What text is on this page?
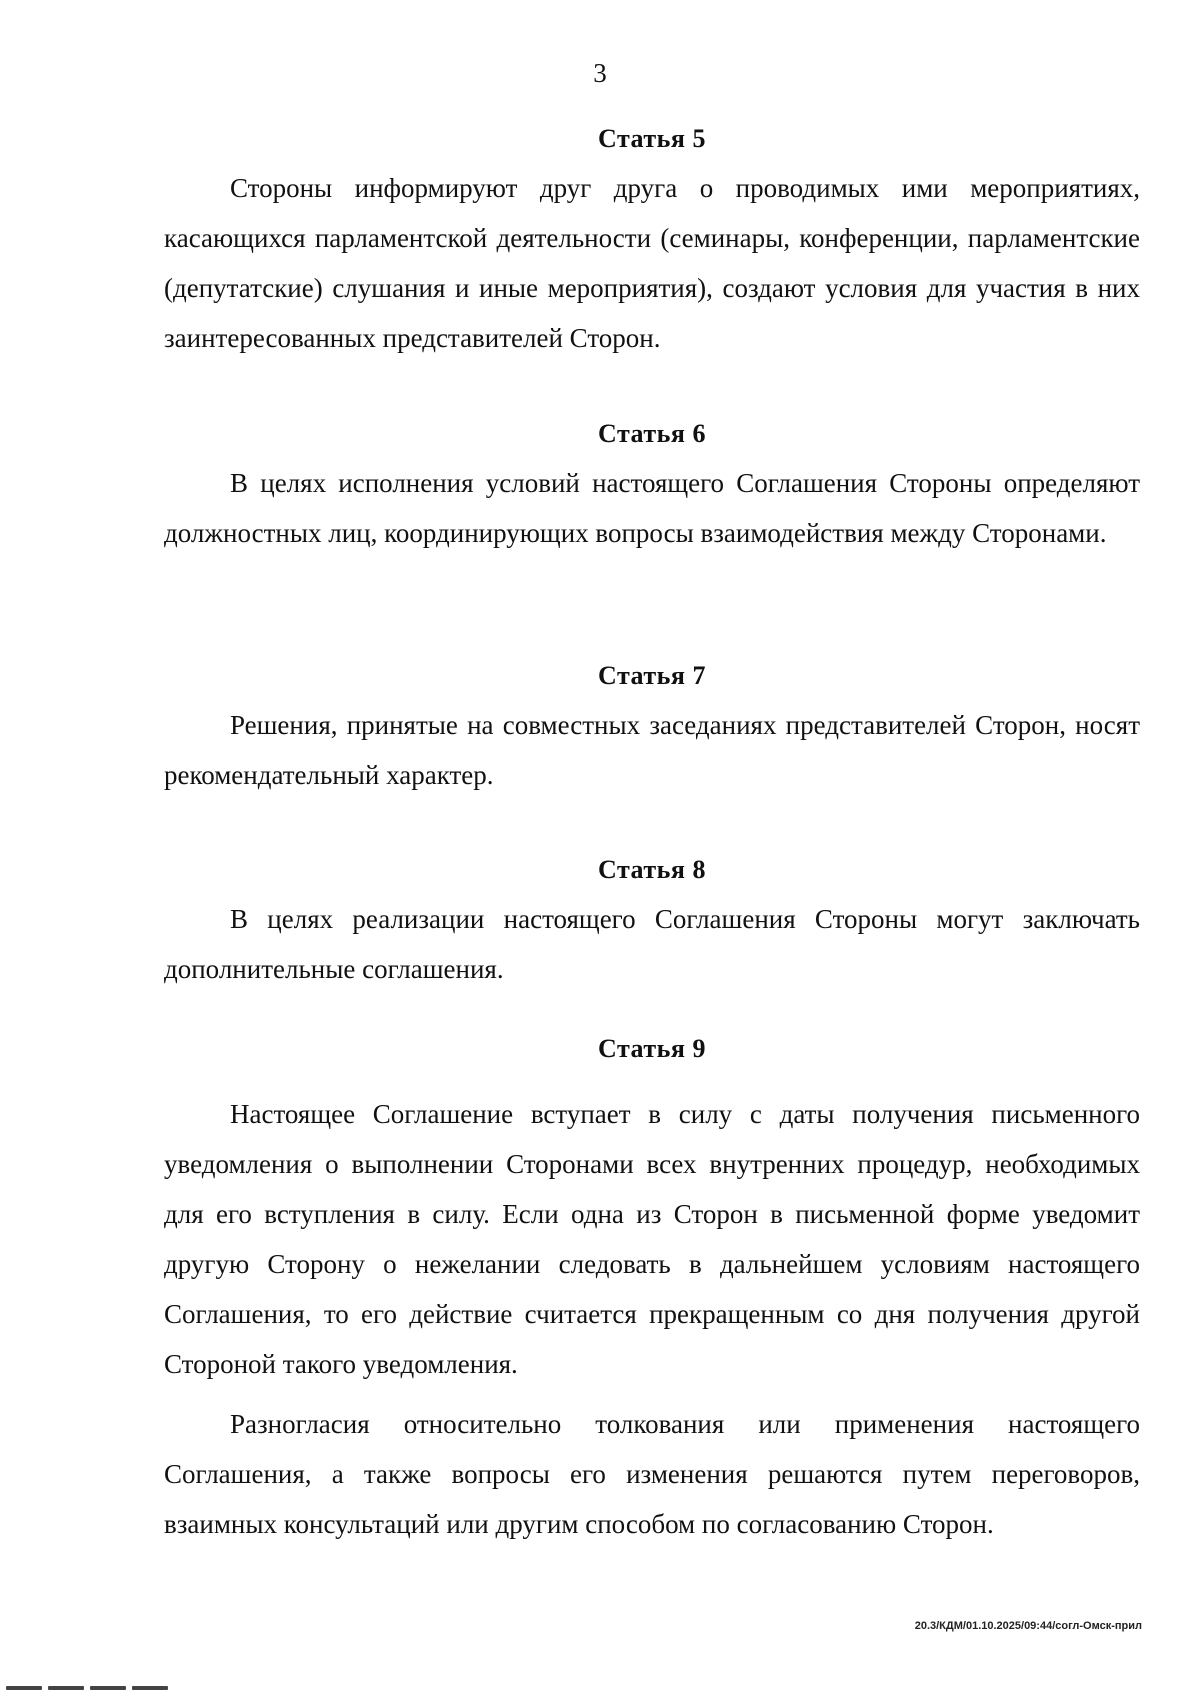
3
Статья 5

Стороны информируют друг друга о проводимых ими мероприятиях, касающихся парламентской деятельности (семинары, конференции, парламентские (депутатские) слушания и иные мероприятия), создают условия для участия в них заинтересованных представителей Сторон.

Статья 6

В целях исполнения условий настоящего Соглашения Стороны определяют должностных лиц, координирующих вопросы взаимодействия между Сторонами.

Статья 7

Решения, принятые на совместных заседаниях представителей Сторон, носят рекомендательный характер.

Статья 8

В целях реализации настоящего Соглашения Стороны могут заключать дополнительные соглашения.

Статья 9

Настоящее Соглашение вступает в силу с даты получения письменного уведомления о выполнении Сторонами всех внутренних процедур, необходимых для его вступления в силу. Если одна из Сторон в письменной форме уведомит другую Сторону о нежелании следовать в дальнейшем условиям настоящего Соглашения, то его действие считается прекращенным со дня получения другой Стороной такого уведомления.

Разногласия относительно толкования или применения настоящего Соглашения, а также вопросы его изменения решаются путем переговоров, взаимных консультаций или другим способом по согласованию Сторон.

20.3/КДМ/01.10.2025/09:44/согл-Омск-прил
